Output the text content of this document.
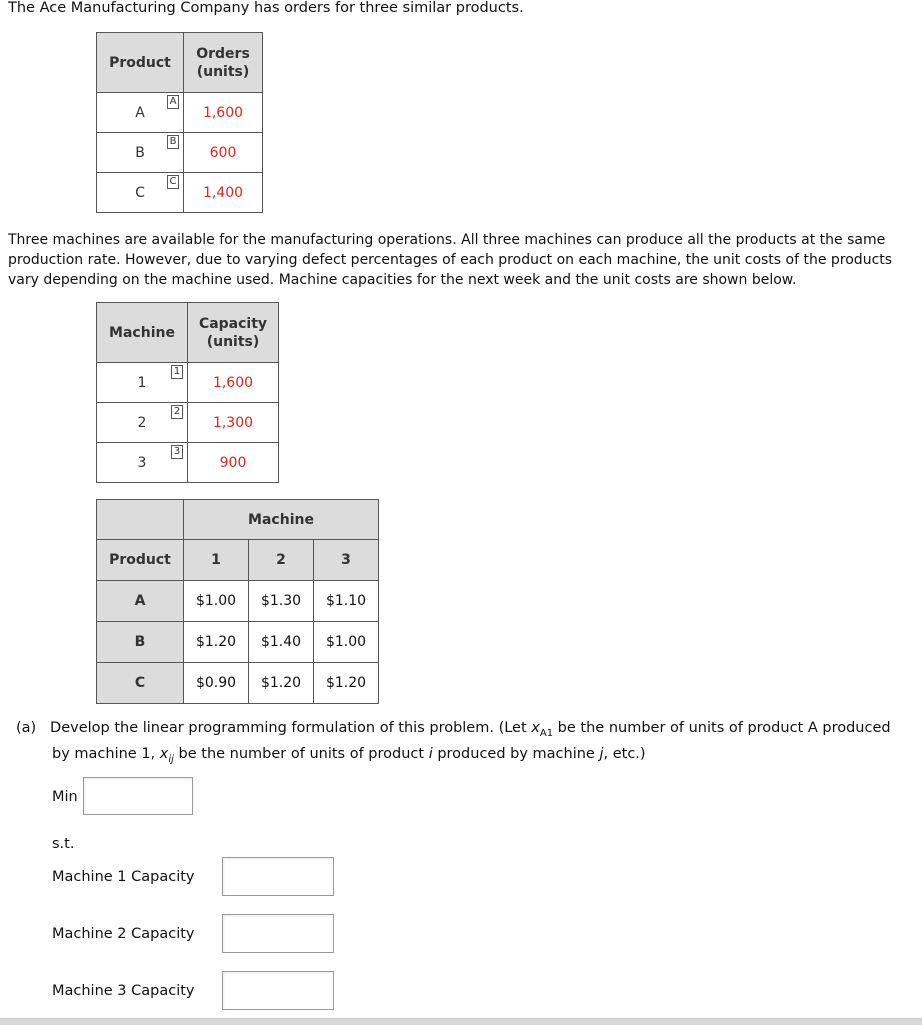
The Ace Manufacturing Company has orders for three similar products.
Product	Orders (units)
A
A	1,600
B
B	600
C
C	1,400
Three machines are available for the manufacturing operations. All three machines can produce all the products at the same production rate. However, due to varying defect percentages of each product on each machine, the unit costs of the products vary depending on the machine used. Machine capacities for the next week and the unit costs are shown below.
Machine	Capacity (units)
1
1	1,600
2
2	1,300
3
3	900
	Machine		
Product	1	2	3
A	$1.00	$1.30	$1.10
B	$1.20	$1.40	$1.00
C	$0.90	$1.20	$1.20
(a) Develop the linear programming formulation of this problem. (Let $x_{A1}$ be the number of units of product A produced
by machine 1, $x_{ij}$ be the number of units of product i produced by machine j, etc.)
Min
s.t.
Machine 1 Capacity
Machine 2 Capacity
Machine 3 Capacity
